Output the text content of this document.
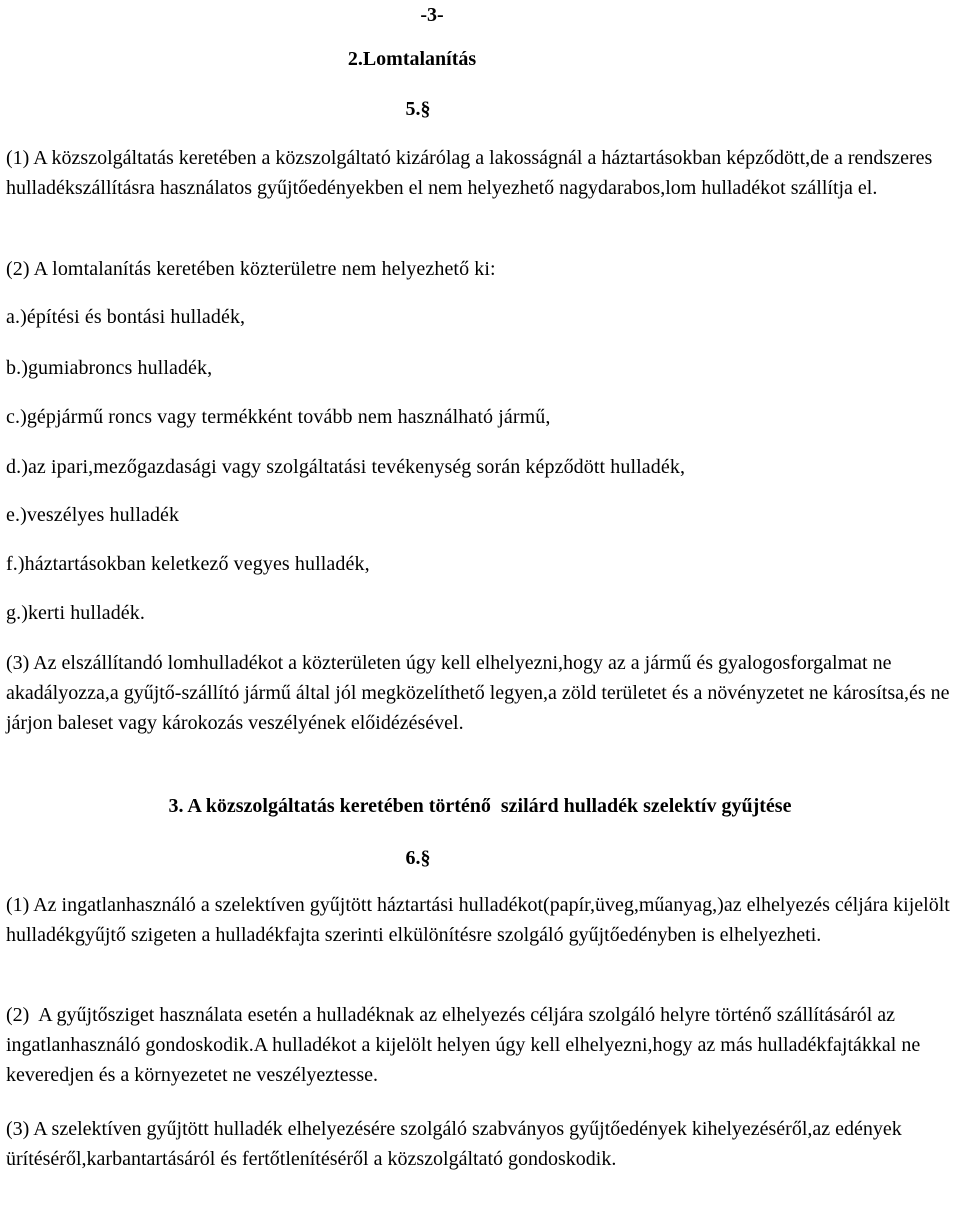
-3-
2.Lomtalanítás
5.§

(1) A közszolgáltatás keretében a közszolgáltató kizárólag a lakosságnál a háztartásokban képződött,de a rendszeres hulladékszállításra használatos gyűjtőedényekben el nem helyezhető nagydarabos,lom hulladékot szállítja el.

(2) A lomtalanítás keretében közterületre nem helyezhető ki:

a.)építési és bontási hulladék,

b.)gumiabroncs hulladék,

c.)gépjármű roncs vagy termékként tovább nem használható jármű,

d.)az ipari,mezőgazdasági vagy szolgáltatási tevékenység során képződött hulladék,

e.)veszélyes hulladék

f.)háztartásokban keletkező vegyes hulladék,

g.)kerti hulladék.

(3) Az elszállítandó lomhulladékot a közterületen úgy kell elhelyezni,hogy az a jármű és gyalogosforgalmat ne akadályozza,a gyűjtő-szállító jármű által jól megközelíthető legyen,a zöld területet és a növényzetet ne károsítsa,és ne járjon baleset vagy károkozás veszélyének előidézésével.

3. A közszolgáltatás keretében történő  szilárd hulladék szelektív gyűjtése
6.§

(1) Az ingatlanhasználó a szelektíven gyűjtött háztartási hulladékot(papír,üveg,műanyag,)az elhelyezés céljára kijelölt hulladékgyűjtő szigeten a hulladékfajta szerinti elkülönítésre szolgáló gyűjtőedényben is elhelyezheti.

(2)  A gyűjtősziget használata esetén a hulladéknak az elhelyezés céljára szolgáló helyre történő szállításáról az ingatlanhasználó gondoskodik.A hulladékot a kijelölt helyen úgy kell elhelyezni,hogy az más hulladékfajtákkal ne keveredjen és a környezetet ne veszélyeztesse.

(3) A szelektíven gyűjtött hulladék elhelyezésére szolgáló szabványos gyűjtőedények kihelyezéséről,az edények ürítéséről,karbantartásáról és fertőtlenítéséről a közszolgáltató gondoskodik.
